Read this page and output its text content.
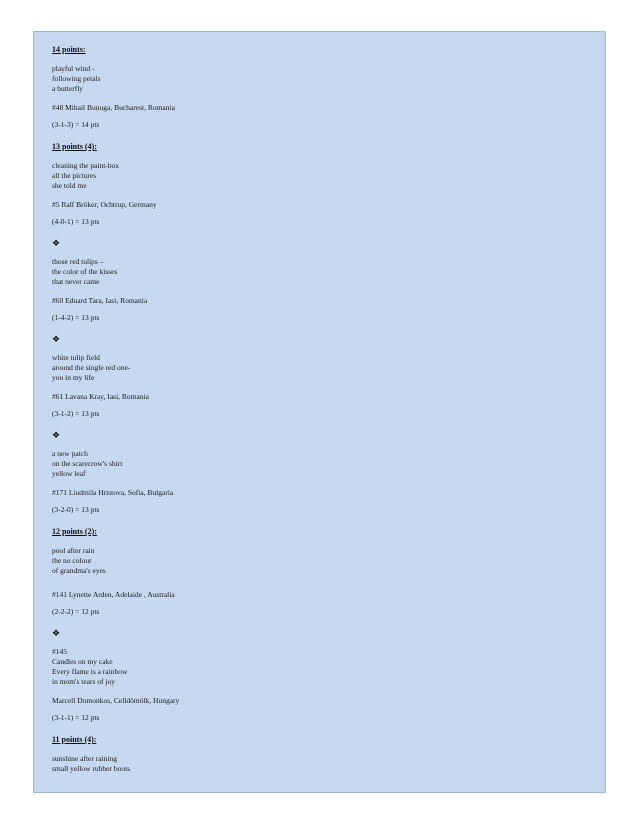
14 points:
playful wind -
following petals
a butterfly
#48 Mihail Bunuga, Bucharest, Romania
(3-1-3) = 14 pts
13 points (4):
cleaning the paint-box
all the pictures
she told me
#5 Ralf Bröker, Ochtrup, Germany
(4-0-1) = 13 pts
❖
those red tulips –
the color of the kisses
that never came
#60 Eduard Tara, Iasi, Romania
(1-4-2) = 13 pts
❖
white tulip field
around the single red one-
you in my life
#61 Lavana Kray, Iasi, Romania
(3-1-2) = 13 pts
❖
a new patch
on the scarecrow's shirt
yellow leaf
#171 Liudmila Hristova, Sofia, Bulgaria
(3-2-0) = 13 pts
12 points (2):
pool after rain
the no colour
of grandma's eyes
#141 Lynette Arden, Adelaide , Australia
(2-2-2) = 12 pts
❖
#145
Candles on my cake
Every flame is a rainbow
in mom's tears of joy
Marcell Domonkos, Celldömölk, Hungary
(3-1-1) = 12 pts
11 points (4):
sunshine after raining
small yellow rubber boots
